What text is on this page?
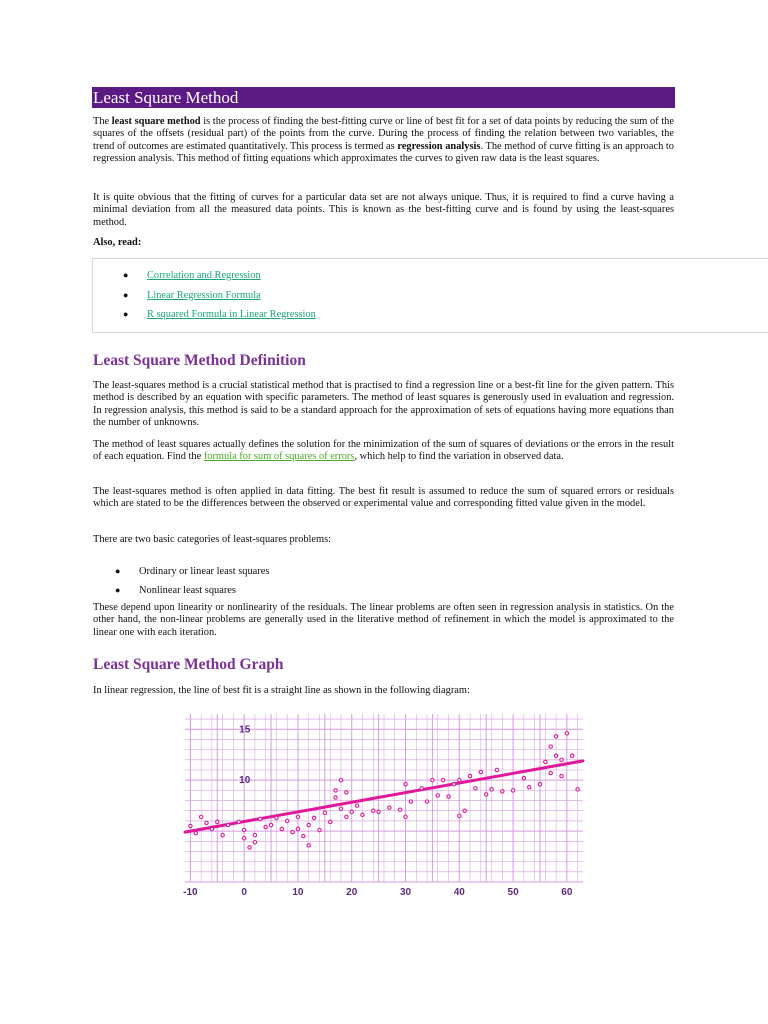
Least Square Method

The least square method is the process of finding the best-fitting curve or line of best fit for a set of data points by reducing the sum of the squares of the offsets (residual part) of the points from the curve. During the process of finding the relation between two variables, the trend of outcomes are estimated quantitatively. This process is termed as regression analysis. The method of curve fitting is an approach to regression analysis. This method of fitting equations which approximates the curves to given raw data is the least squares.

It is quite obvious that the fitting of curves for a particular data set are not always unique. Thus, it is required to find a curve having a minimal deviation from all the measured data points. This is known as the best-fitting curve and is found by using the least-squares method.

Also, read:

● Correlation and Regression
● Linear Regression Formula
● R squared Formula in Linear Regression
Least Square Method Definition

The least-squares method is a crucial statistical method that is practised to find a regression line or a best-fit line for the given pattern. This method is described by an equation with specific parameters. The method of least squares is generously used in evaluation and regression. In regression analysis, this method is said to be a standard approach for the approximation of sets of equations having more equations than the number of unknowns.

The method of least squares actually defines the solution for the minimization of the sum of squares of deviations or the errors in the result of each equation. Find the formula for sum of squares of errors, which help to find the variation in observed data.

The least-squares method is often applied in data fitting. The best fit result is assumed to reduce the sum of squared errors or residuals which are stated to be the differences between the observed or experimental value and corresponding fitted value given in the model.

There are two basic categories of least-squares problems:

● Ordinary or linear least squares
● Nonlinear least squares

These depend upon linearity or nonlinearity of the residuals. The linear problems are often seen in regression analysis in statistics. On the other hand, the non-linear problems are generally used in the literative method of refinement in which the model is approximated to the linear one with each iteration.

Least Square Method Graph

In linear regression, the line of best fit is a straight line as shown in the following diagram:

-10	0	10	20	30	40	50	60
10
15
